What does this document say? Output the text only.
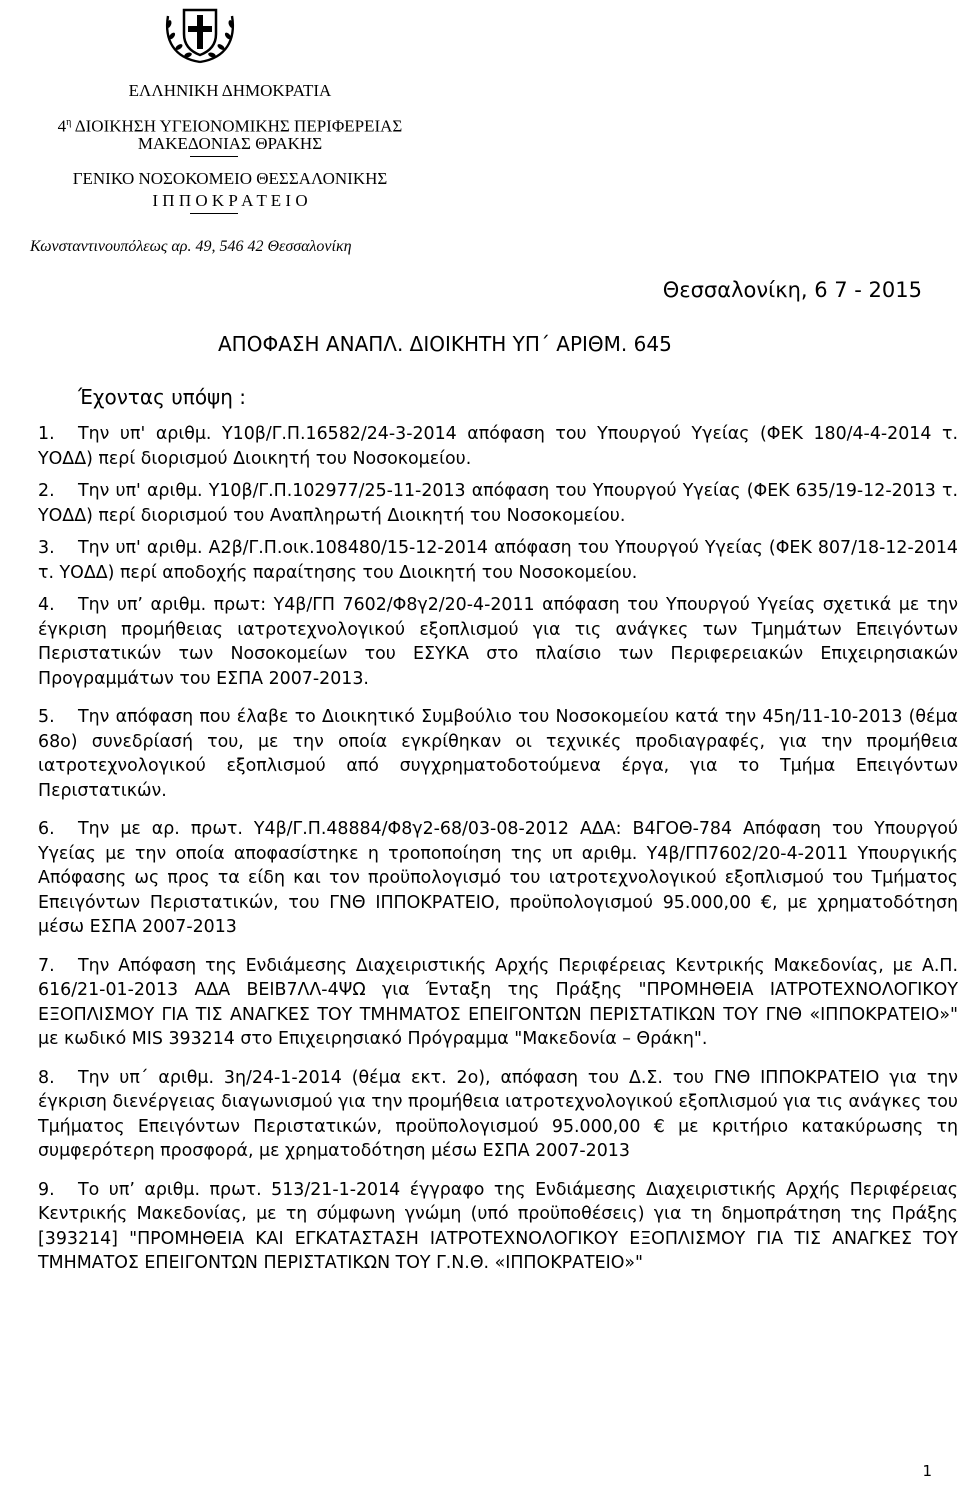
ΕΛΛΗΝΙΚΗ ΔΗΜΟΚΡΑΤΙΑ
$4^\eta$ ΔΙΟΙΚΗΣΗ ΥΓΕΙΟΝΟΜΙΚΗΣ ΠΕΡΙΦΕΡΕΙΑΣ
ΜΑΚΕΔΟΝΙΑΣ ΘΡΑΚΗΣ
ΓΕΝΙΚΟ ΝΟΣΟΚΟΜΕΙΟ ΘΕΣΣΑΛΟΝΙΚΗΣ
Ι Π Π Ο Κ Ρ Α Τ Ε Ι Ο
Κωνσταντινουπόλεως αρ. 49, 546 42 Θεσσαλονίκη
Θεσσαλονίκη, 6 7 - 2015
ΑΠΟΦΑΣΗ ΑΝΑΠΛ. ΔΙΟΙΚΗΤΗ ΥΠ΄ ΑΡΙΘΜ. 645
Έχοντας υπόψη :

1. Την υπ' αριθμ. Υ10β/Γ.Π.16582/24-3-2014 απόφαση του Υπουργού Υγείας (ΦΕΚ 180/4-4-2014 τ. ΥΟΔΔ) περί διορισμού Διοικητή του Νοσοκομείου.

2. Την υπ' αριθμ. Υ10β/Γ.Π.102977/25-11-2013 απόφαση του Υπουργού Υγείας (ΦΕΚ 635/19-12-2013 τ. ΥΟΔΔ) περί διορισμού του Αναπληρωτή Διοικητή του Νοσοκομείου.

3. Την υπ' αριθμ. Α2β/Γ.Π.οικ.108480/15-12-2014 απόφαση του Υπουργού Υγείας (ΦΕΚ 807/18-12-2014 τ. ΥΟΔΔ) περί αποδοχής παραίτησης του Διοικητή του Νοσοκομείου.

4. Την υπ’ αριθμ. πρωτ: Υ4β/ΓΠ 7602/Φ8γ2/20-4-2011 απόφαση του Υπουργού Υγείας σχετικά με την έγκριση προμήθειας ιατροτεχνολογικού εξοπλισμού για τις ανάγκες των Τμημάτων Επειγόντων Περιστατικών των Νοσοκομείων του ΕΣΥΚΑ στο πλαίσιο των Περιφερειακών Επιχειρησιακών Προγραμμάτων του ΕΣΠΑ 2007-2013.

5. Την απόφαση που έλαβε το Διοικητικό Συμβούλιο του Νοσοκομείου κατά την 45η/11-10-2013 (θέμα 68ο) συνεδρίασή του, με την οποία εγκρίθηκαν οι τεχνικές προδιαγραφές, για την προμήθεια ιατροτεχνολογικού εξοπλισμού από συγχρηματοδοτούμενα έργα, για το Τμήμα Επειγόντων Περιστατικών.

6. Την με αρ. πρωτ. Υ4β/Γ.Π.48884/Φ8γ2-68/03-08-2012 ΑΔΑ: Β4ΓΟΘ-784 Απόφαση του Υπουργού Υγείας με την οποία αποφασίστηκε η τροποποίηση της υπ αριθμ. Υ4β/ΓΠ7602/20-4-2011 Υπουργικής Απόφασης ως προς τα είδη και τον προϋπολογισμό του ιατροτεχνολογικού εξοπλισμού του Τμήματος Επειγόντων Περιστατικών, του ΓΝΘ ΙΠΠΟΚΡΑΤΕΙΟ, προϋπολογισμού 95.000,00 €, με χρηματοδότηση μέσω ΕΣΠΑ 2007-2013

7. Την Απόφαση της Ενδιάμεσης Διαχειριστικής Αρχής Περιφέρειας Κεντρικής Μακεδονίας, με Α.Π. 616/21-01-2013 ΑΔΑ ΒΕΙΒ7ΛΛ-4ΨΩ για Ένταξη της Πράξης "ΠΡΟΜΗΘΕΙΑ ΙΑΤΡΟΤΕΧΝΟΛΟΓΙΚΟΥ ΕΞΟΠΛΙΣΜΟΥ ΓΙΑ ΤΙΣ ΑΝΑΓΚΕΣ ΤΟΥ ΤΜΗΜΑΤΟΣ ΕΠΕΙΓΟΝΤΩΝ ΠΕΡΙΣΤΑΤΙΚΩΝ ΤΟΥ ΓΝΘ «ΙΠΠΟΚΡΑΤΕΙΟ»" με κωδικό MIS 393214 στο Επιχειρησιακό Πρόγραμμα "Μακεδονία – Θράκη".

8. Την υπ΄ αριθμ. 3η/24-1-2014 (θέμα εκτ. 2ο), απόφαση του Δ.Σ. του ΓΝΘ ΙΠΠΟΚΡΑΤΕΙΟ για την έγκριση διενέργειας διαγωνισμού για την προμήθεια ιατροτεχνολογικού εξοπλισμού για τις ανάγκες του Τμήματος Επειγόντων Περιστατικών, προϋπολογισμού 95.000,00 € με κριτήριο κατακύρωσης τη συμφερότερη προσφορά, με χρηματοδότηση μέσω ΕΣΠΑ 2007-2013

9. Το υπ’ αριθμ. πρωτ. 513/21-1-2014 έγγραφο της Ενδιάμεσης Διαχειριστικής Αρχής Περιφέρειας Κεντρικής Μακεδονίας, με τη σύμφωνη γνώμη (υπό προϋποθέσεις) για τη δημοπράτηση της Πράξης [393214] "ΠΡΟΜΗΘΕΙΑ ΚΑΙ ΕΓΚΑΤΑΣΤΑΣΗ ΙΑΤΡΟΤΕΧΝΟΛΟΓΙΚΟΥ ΕΞΟΠΛΙΣΜΟΥ ΓΙΑ ΤΙΣ ΑΝΑΓΚΕΣ ΤΟΥ ΤΜΗΜΑΤΟΣ ΕΠΕΙΓΟΝΤΩΝ ΠΕΡΙΣΤΑΤΙΚΩΝ ΤΟΥ Γ.Ν.Θ. «ΙΠΠΟΚΡΑΤΕΙΟ»"

1
